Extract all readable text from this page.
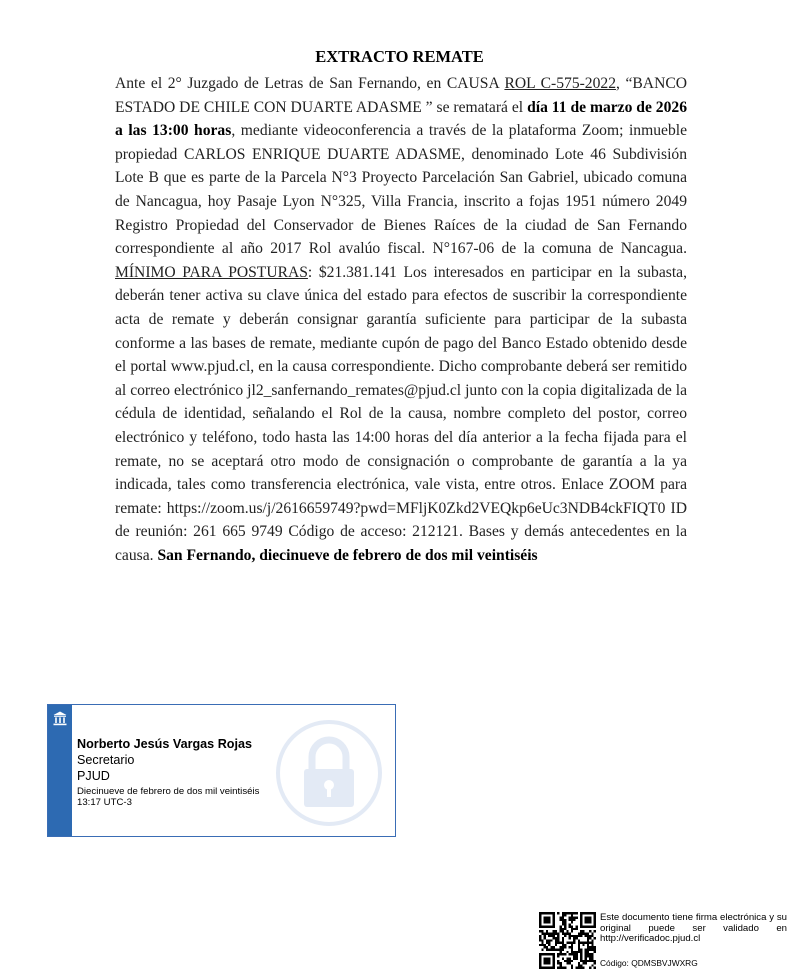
EXTRACTO REMATE
Ante el 2° Juzgado de Letras de San Fernando, en CAUSA ROL C-575-2022, “BANCO ESTADO DE CHILE CON DUARTE ADASME ” se rematará el día 11 de marzo de 2026 a las 13:00 horas, mediante videoconferencia a través de la plataforma Zoom; inmueble propiedad CARLOS ENRIQUE DUARTE ADASME, denominado Lote 46 Subdivisión Lote B que es parte de la Parcela N°3 Proyecto Parcelación San Gabriel, ubicado comuna de Nancagua, hoy Pasaje Lyon N°325, Villa Francia, inscrito a fojas 1951 número 2049 Registro Propiedad del Conservador de Bienes Raíces de la ciudad de San Fernando correspondiente al año 2017 Rol avalúo fiscal. N°167-06 de la comuna de Nancagua. MÍNIMO PARA POSTURAS: $21.381.141 Los interesados en participar en la subasta, deberán tener activa su clave única del estado para efectos de suscribir la correspondiente acta de remate y deberán consignar garantía suficiente para participar de la subasta conforme a las bases de remate, mediante cupón de pago del Banco Estado obtenido desde el portal www.pjud.cl, en la causa correspondiente. Dicho comprobante deberá ser remitido al correo electrónico jl2_sanfernando_remates@pjud.cl junto con la copia digitalizada de la cédula de identidad, señalando el Rol de la causa, nombre completo del postor, correo electrónico y teléfono, todo hasta las 14:00 horas del día anterior a la fecha fijada para el remate, no se aceptará otro modo de consignación o comprobante de garantía a la ya indicada, tales como transferencia electrónica, vale vista, entre otros. Enlace ZOOM para remate: https://zoom.us/j/2616659749?pwd=MFljK0Zkd2VEQkp6eUc3NDB4ckFIQT0 ID de reunión: 261 665 9749 Código de acceso: 212121. Bases y demás antecedentes en la causa. San Fernando, diecinueve de febrero de dos mil veintiséis
Norberto Jesús Vargas Rojas
Secretario
PJUD
Diecinueve de febrero de dos mil veintiséis
13:17 UTC-3
Este documento tiene firma electrónica y su original puede ser validado en http://verificadoc.pjud.cl
Código: QDMSBVJWXRG
